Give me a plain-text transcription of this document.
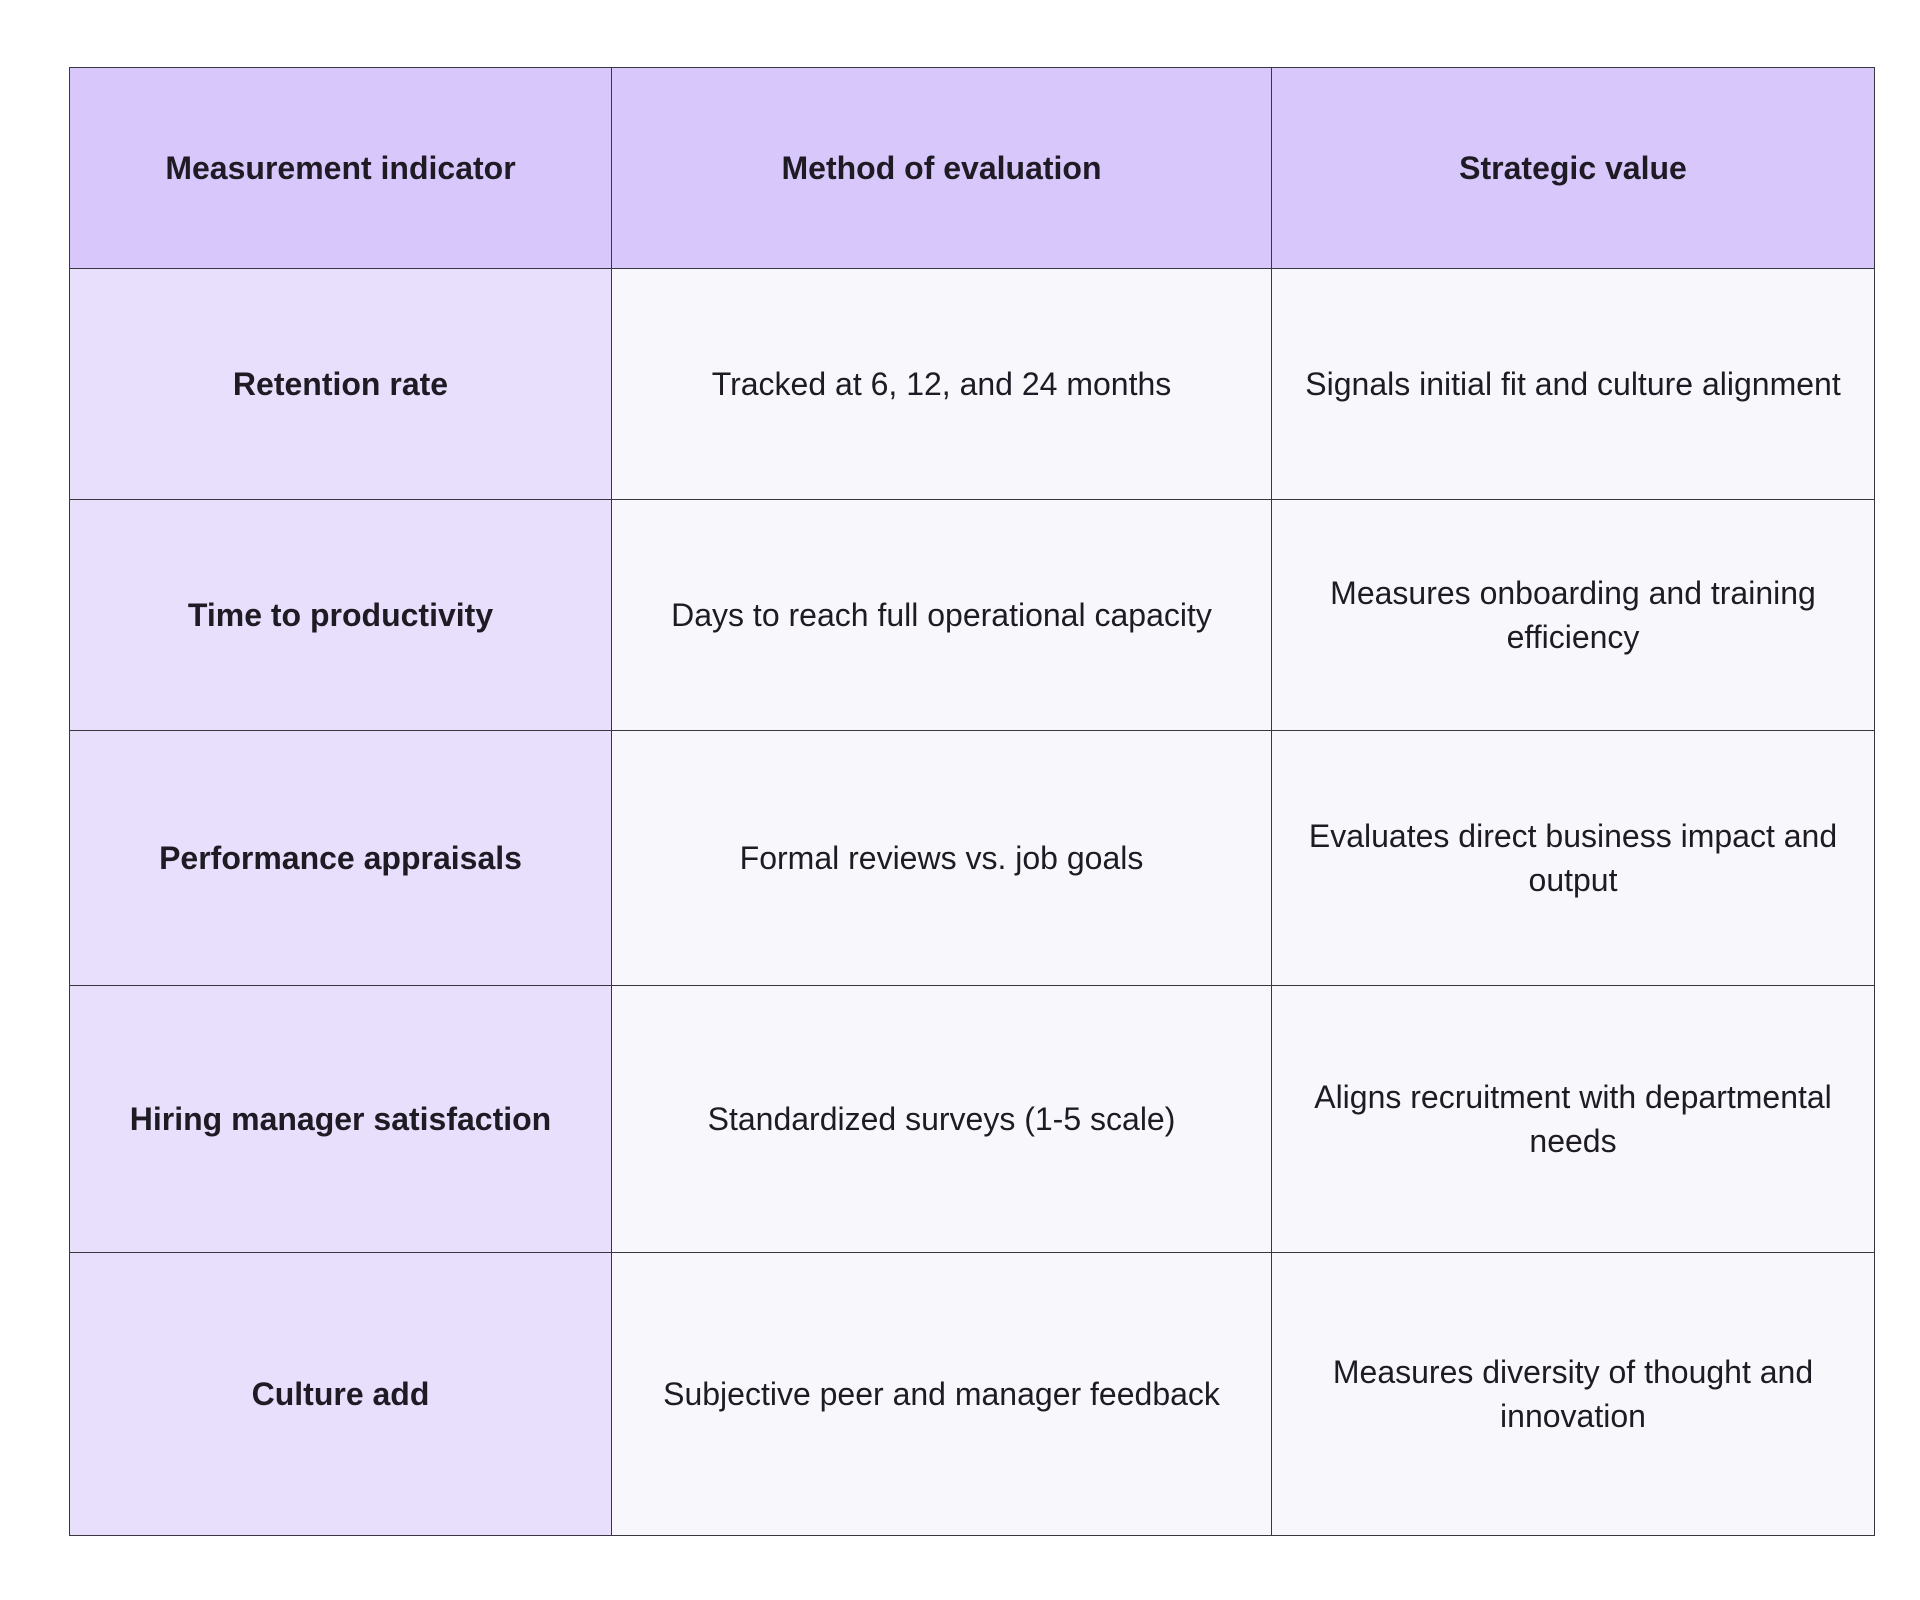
Measurement indicator	Method of evaluation	Strategic value
Retention rate	Tracked at 6, 12, and 24 months	Signals initial fit and culture alignment
Time to productivity	Days to reach full operational capacity	Measures onboarding and training efficiency
Performance appraisals	Formal reviews vs. job goals	Evaluates direct business impact and output
Hiring manager satisfaction	Standardized surveys (1-5 scale)	Aligns recruitment with departmental needs
Culture add	Subjective peer and manager feedback	Measures diversity of thought and innovation
